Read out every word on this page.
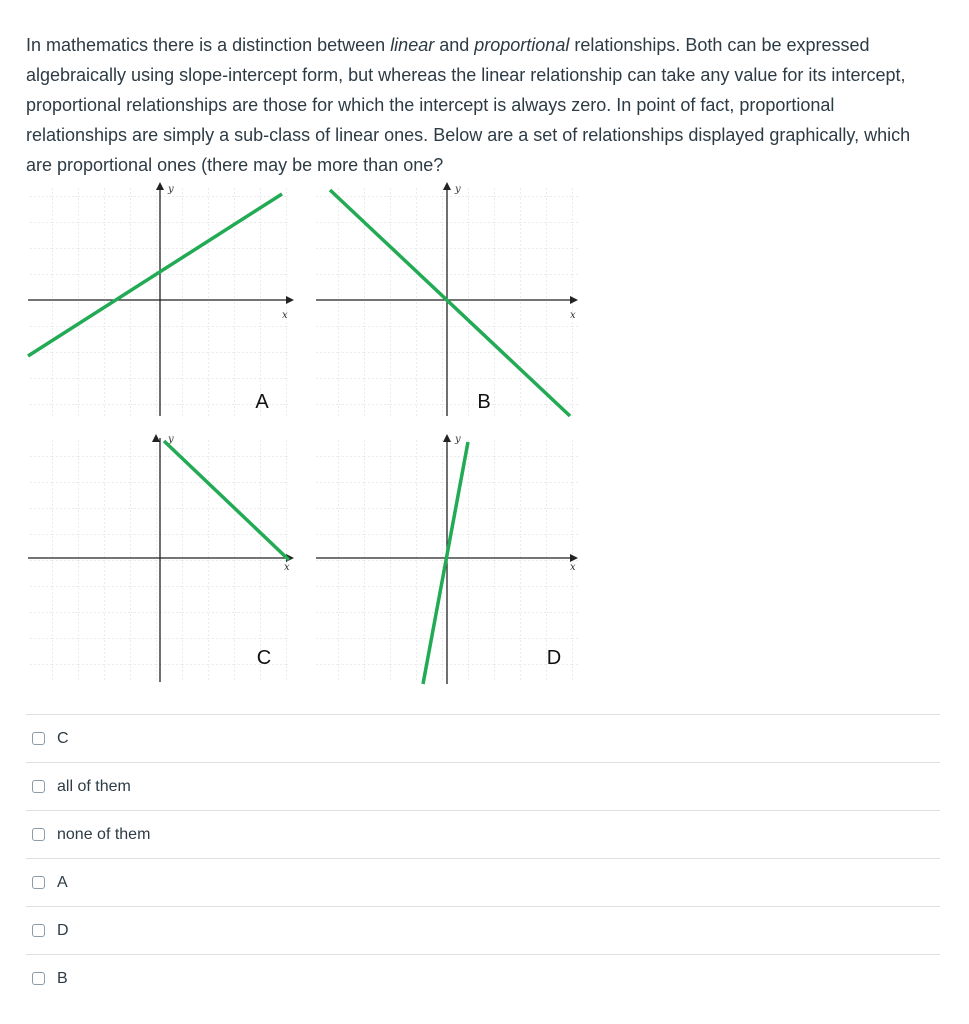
In mathematics there is a distinction between linear and proportional relationships. Both can be expressed algebraically using slope-intercept form, but whereas the linear relationship can take any value for its intercept, proportional relationships are those for which the intercept is always zero. In point of fact, proportional relationships are simply a sub-class of linear ones. Below are a set of relationships displayed graphically, which are proportional ones (there may be more than one?
y
x
A
y
x
B
y
x
C
y
x
D
C
all of them
none of them
A
D
B
